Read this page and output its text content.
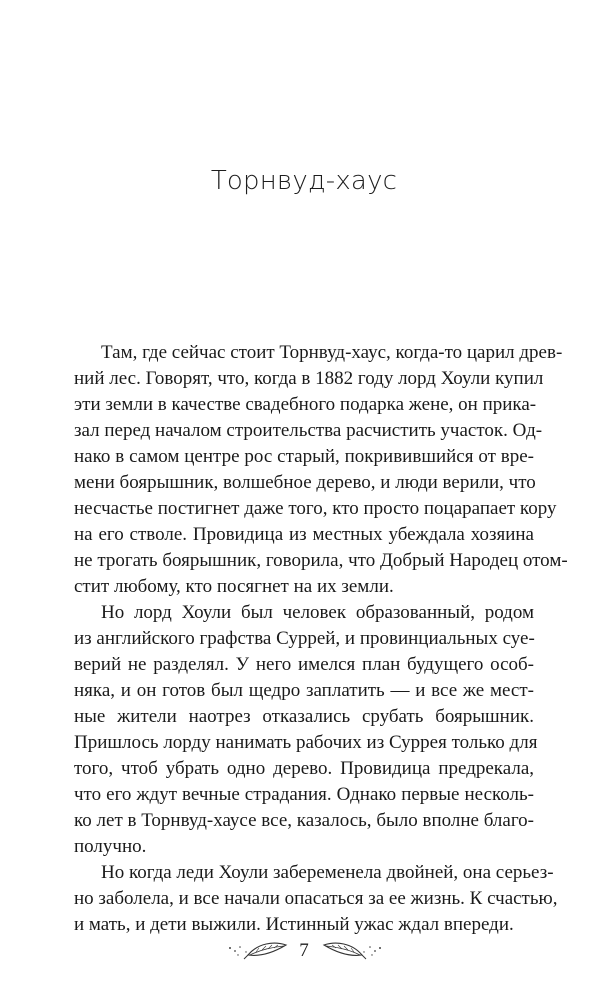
Торнвуд-хаус
Там, где сейчас стоит Торнвуд-хаус, когда-то царил древ-
ний лес. Говорят, что, когда в 1882 году лорд Хоули купил
эти земли в качестве свадебного подарка жене, он прика-
зал перед началом строительства расчистить участок. Од-
нако в самом центре рос старый, покривившийся от вре-
мени боярышник, волшебное дерево, и люди верили, что
несчастье постигнет даже того, кто просто поцарапает кору
на его стволе. Провидица из местных убеждала хозяина
не трогать боярышник, говорила, что Добрый Народец отом-
стит любому, кто посягнет на их земли.
Но лорд Хоули был человек образованный, родом
из английского графства Суррей, и провинциальных суе-
верий не разделял. У него имелся план будущего особ-
няка, и он готов был щедро заплатить — и все же мест-
ные жители наотрез отказались срубать боярышник.
Пришлось лорду нанимать рабочих из Суррея только для
того, чтоб убрать одно дерево. Провидица предрекала,
что его ждут вечные страдания. Однако первые несколь-
ко лет в Торнвуд-хаусе все, казалось, было вполне благо-
получно.
Но когда леди Хоули забеременела двойней, она серьез-
но заболела, и все начали опасаться за ее жизнь. К счастью,
и мать, и дети выжили. Истинный ужас ждал впереди.
7
